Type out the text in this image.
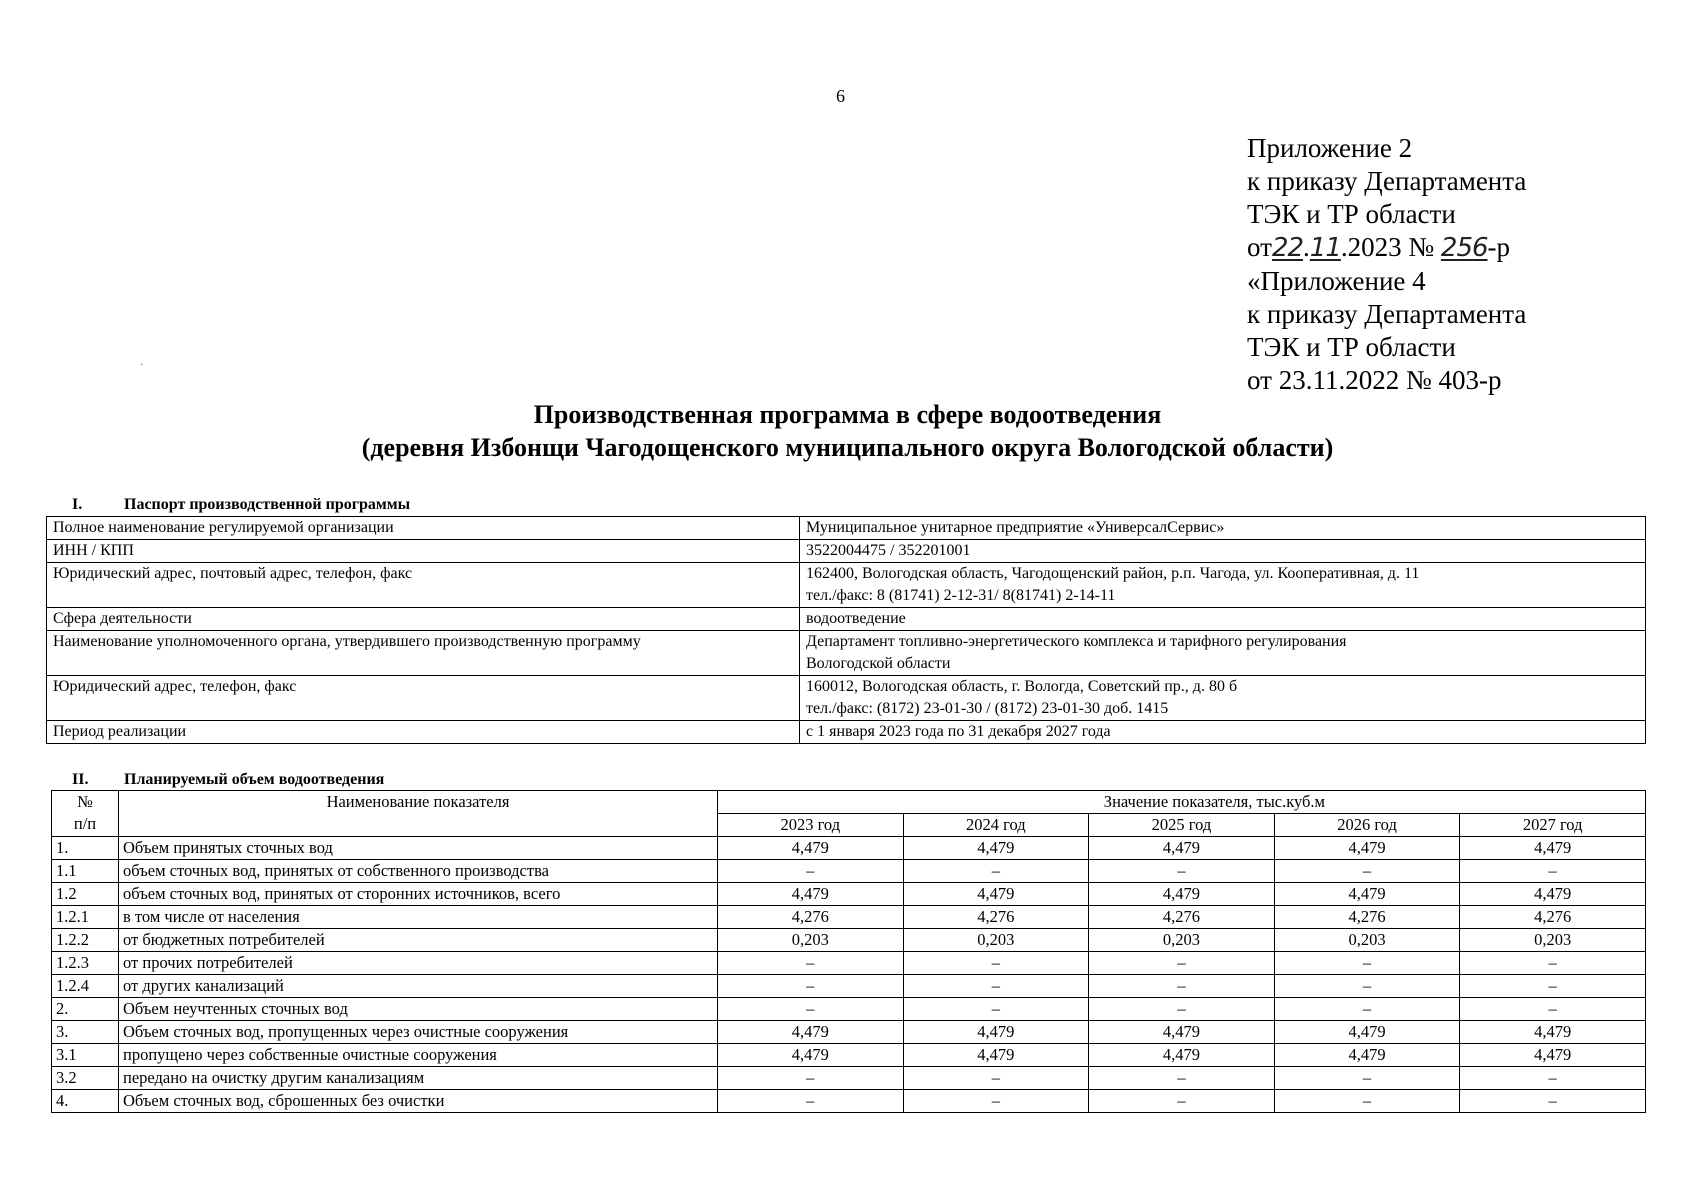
6
·
Приложение 2
к приказу Департамента
ТЭК и ТР области
от22.11.2023 № 256-р
«Приложение 4
к приказу Департамента
ТЭК и ТР области
от 23.11.2022 № 403-р
Производственная программа в сфере водоотведения
(деревня Избонщи Чагодощенского муниципального округа Вологодской области)
I.	Паспорт производственной программы
Полное наименование регулируемой организации	Муниципальное унитарное предприятие «УниверсалСервис»

ИНН / КПП	3522004475 / 352201001

Юридический адрес, почтовый адрес, телефон, факс	162400, Вологодская область, Чагодощенский район, р.п. Чагода, ул. Кооперативная, д. 11
тел./факс: 8 (81741) 2-12-31/ 8(81741) 2-14-11

Сфера деятельности	водоотведение

Наименование уполномоченного органа, утвердившего производственную программу	Департамент топливно-энергетического комплекса и тарифного регулирования
Вологодской области

Юридический адрес, телефон, факс	160012, Вологодская область, г. Вологда, Советский пр., д. 80 б
тел./факс: (8172) 23-01-30 / (8172) 23-01-30 доб. 1415

Период реализации	с 1 января 2023 года по 31 декабря 2027 года
II. Планируемый объем водоотведения
№
п/п	Наименование показателя	Значение показателя, тыс.куб.м				
		2023 год	2024 год	2025 год	2026 год	2027 год
1.	Объем принятых сточных вод	4,479	4,479	4,479	4,479	4,479
1.1	объем сточных вод, принятых от собственного производства	–	–	–	–	–
1.2	объем сточных вод, принятых от сторонних источников, всего	4,479	4,479	4,479	4,479	4,479
1.2.1	в том числе от населения	4,276	4,276	4,276	4,276	4,276
1.2.2	от бюджетных потребителей	0,203	0,203	0,203	0,203	0,203
1.2.3	от прочих потребителей	–	–	–	–	–
1.2.4	от других канализаций	–	–	–	–	–
2.	Объем неучтенных сточных вод	–	–	–	–	–
3.	Объем сточных вод, пропущенных через очистные сооружения	4,479	4,479	4,479	4,479	4,479
3.1	пропущено через собственные очистные сооружения	4,479	4,479	4,479	4,479	4,479
3.2	передано на очистку другим канализациям	–	–	–	–	–
4.	Объем сточных вод, сброшенных без очистки	–	–	–	–	–
